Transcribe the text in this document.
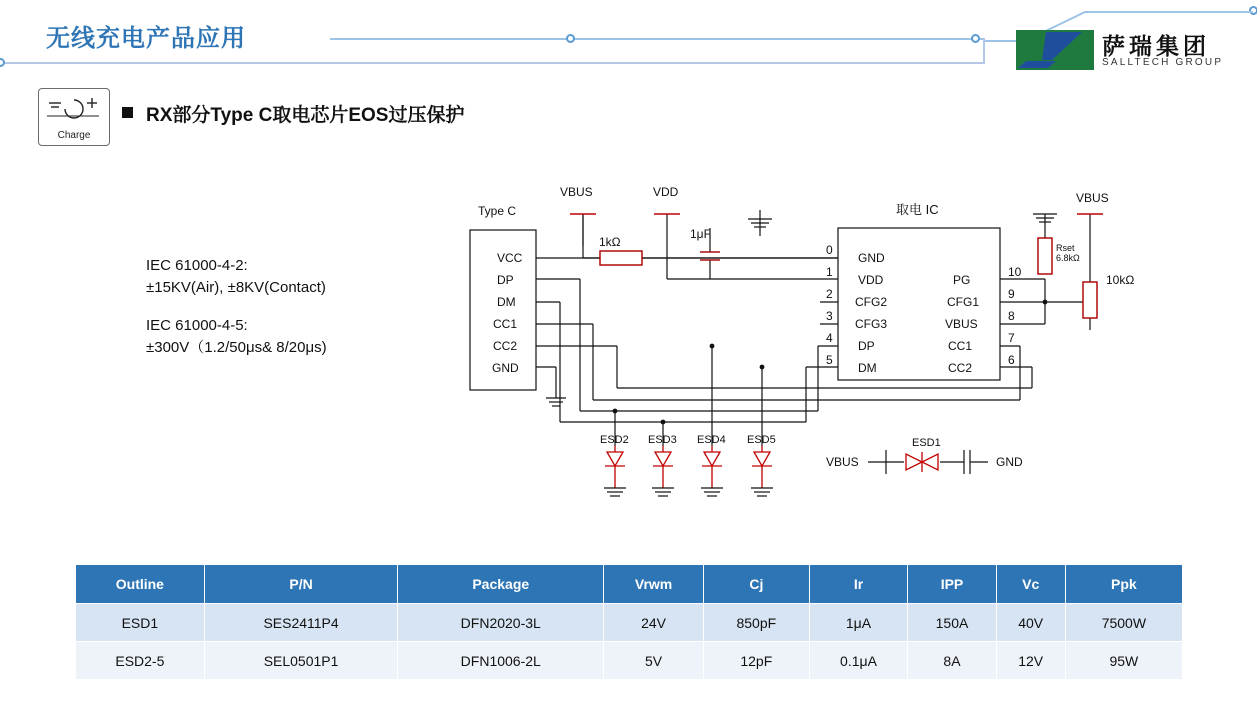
无线充电产品应用	萨瑞集团
SALLTECH GROUP
Charge
RX部分Type C取电芯片EOS过压保护
IEC 61000-4-2:
±15KV(Air), ±8KV(Contact)
IEC 61000-4-5:
±300V（1.2/50μs& 8/20μs)
Type C
VBUS	VDD	VBUS
1kΩ
1μF
Rset
6.8kΩ
10kΩ
取电 IC
VBUS	GND
ESD1
VCC
DP
DM
CC1
CC2
GND
GND
VDD
CFG2
CFG3
DP
DM
PG
CFG1
VBUS
CC1
CC2
0
1
2
3
4
5
10
9
8
7
6
ESD2 ESD3 ESD4 ESD5
Outline	P/N	Package	Vrwm	Cj	Ir	IPP	Vc	Ppk
ESD1	SES2411P4	DFN2020-3L	24V	850pF	1μA	150A	40V	7500W
ESD2-5	SEL0501P1	DFN1006-2L	5V	12pF	0.1μA	8A	12V	95W
